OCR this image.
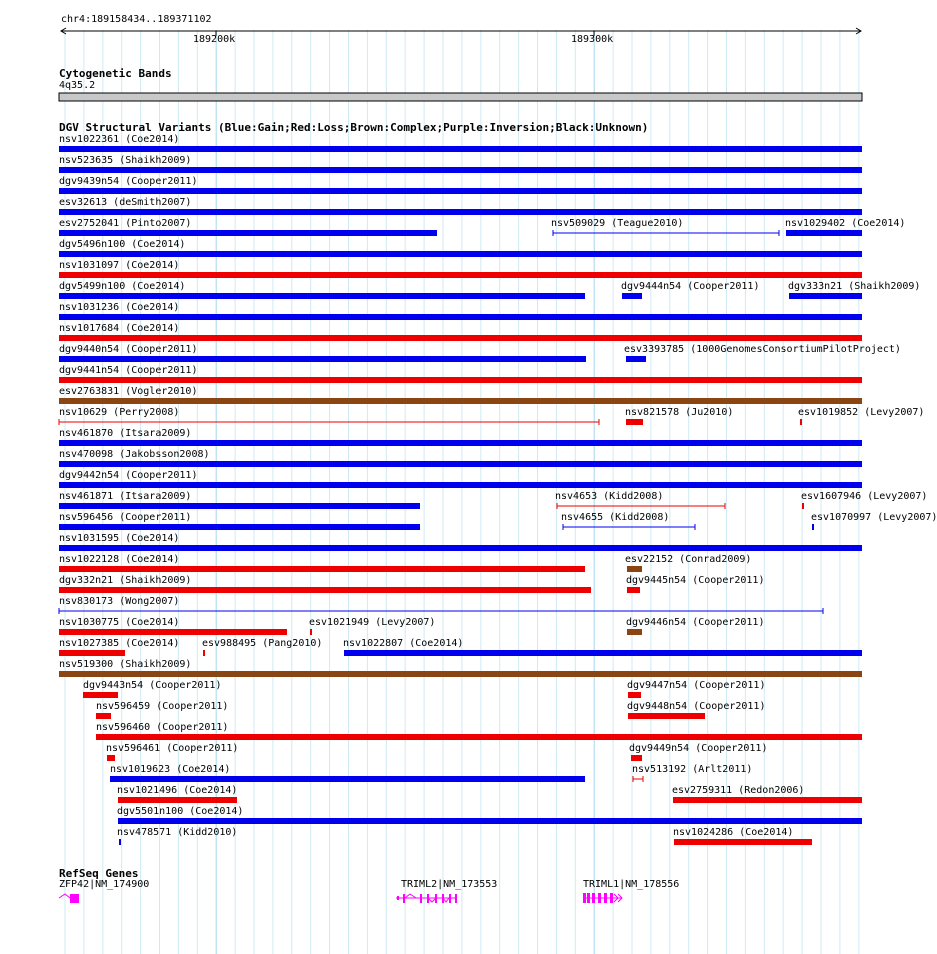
chr4:189158434..189371102
189200k	189300k
Cytogenetic Bands
4q35.2
DGV Structural Variants (Blue:Gain;Red:Loss;Brown:Complex;Purple:Inversion;Black:Unknown)
RefSeq Genes
nsv1022361 (Coe2014)
nsv523635 (Shaikh2009)
dgv9439n54 (Cooper2011)
esv32613 (deSmith2007)
esv2752041 (Pinto2007)	nsv509029 (Teague2010)	nsv1029402 (Coe2014)
dgv5496n100 (Coe2014)
nsv1031097 (Coe2014)
dgv5499n100 (Coe2014)	dgv9444n54 (Cooper2011)	dgv333n21 (Shaikh2009)
nsv1031236 (Coe2014)
nsv1017684 (Coe2014)
dgv9440n54 (Cooper2011)	esv3393785 (1000GenomesConsortiumPilotProject)
dgv9441n54 (Cooper2011)
esv2763831 (Vogler2010)
nsv10629 (Perry2008)	nsv821578 (Ju2010)	esv1019852 (Levy2007)
nsv461870 (Itsara2009)
nsv470098 (Jakobsson2008)
dgv9442n54 (Cooper2011)
nsv461871 (Itsara2009)	nsv4653 (Kidd2008)	esv1607946 (Levy2007)
nsv596456 (Cooper2011)	nsv4655 (Kidd2008)	esv1070997 (Levy2007)
nsv1031595 (Coe2014)
nsv1022128 (Coe2014)	esv22152 (Conrad2009)
dgv332n21 (Shaikh2009)	dgv9445n54 (Cooper2011)
nsv830173 (Wong2007)
nsv1030775 (Coe2014)	esv1021949 (Levy2007)	dgv9446n54 (Cooper2011)
nsv1027385 (Coe2014) esv988495 (Pang2010) nsv1022807 (Coe2014)
nsv519300 (Shaikh2009)
dgv9443n54 (Cooper2011)	dgv9447n54 (Cooper2011)
nsv596459 (Cooper2011)	dgv9448n54 (Cooper2011)
nsv596460 (Cooper2011)
nsv596461 (Cooper2011)	dgv9449n54 (Cooper2011)
nsv1019623 (Coe2014)	nsv513192 (Arlt2011)
nsv1021496 (Coe2014)	esv2759311 (Redon2006)
dgv5501n100 (Coe2014)
nsv478571 (Kidd2010)	nsv1024286 (Coe2014)
ZFP42|NM_174900	TRIML2|NM_173553	TRIML1|NM_178556
